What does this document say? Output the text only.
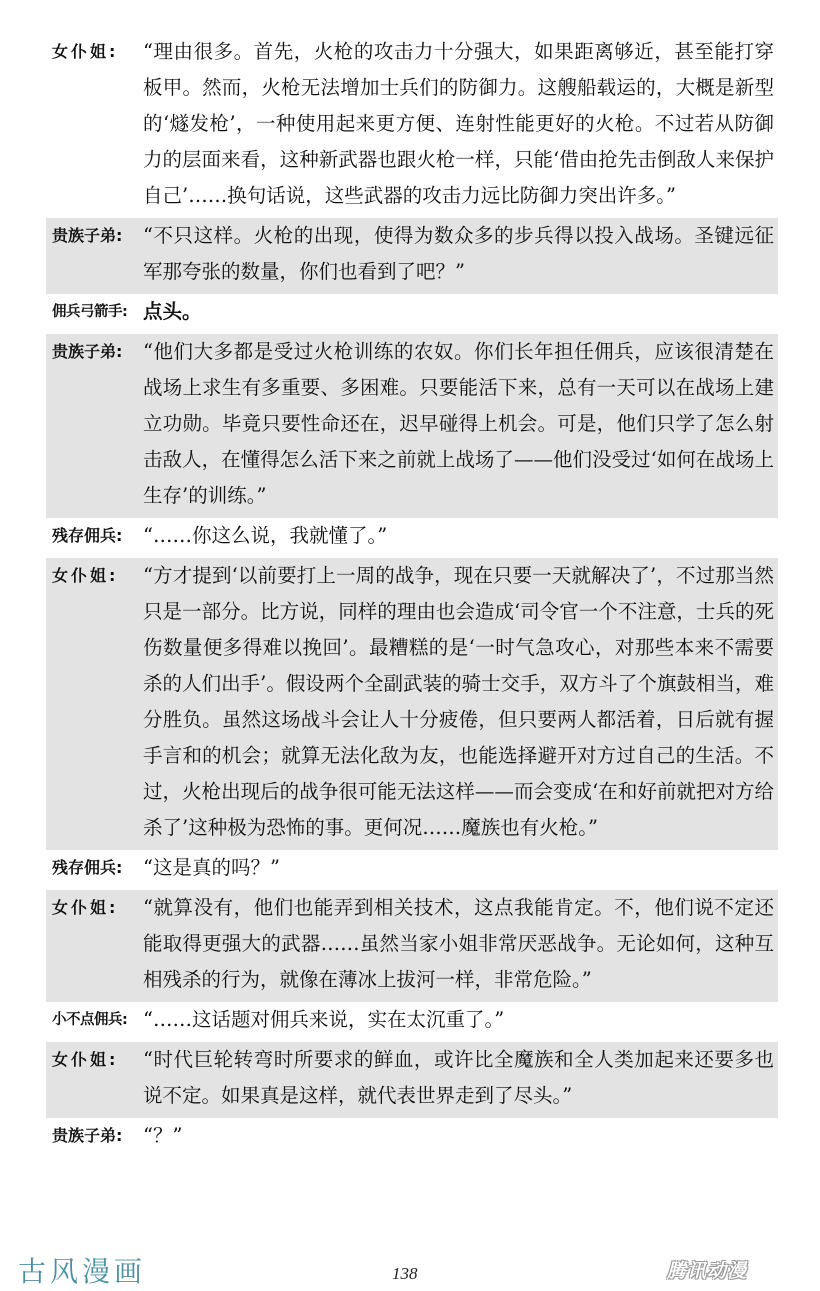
女仆姐:	“理由很多。首先，火枪的攻击力十分强大，如果距离够近，甚至能打穿板甲。然而，火枪无法增加士兵们的防御力。这艘船载运的，大概是新型的‘燧发枪’，一种使用起来更方便、连射性能更好的火枪。不过若从防御力的层面来看，这种新武器也跟火枪一样，只能‘借由抢先击倒敌人来保护自己’……换句话说，这些武器的攻击力远比防御力突出许多。”
贵族子弟:	“不只这样。火枪的出现，使得为数众多的步兵得以投入战场。圣键远征军那夸张的数量，你们也看到了吧？”
佣兵弓箭手: 点头。
贵族子弟:	“他们大多都是受过火枪训练的农奴。你们长年担任佣兵，应该很清楚在战场上求生有多重要、多困难。只要能活下来，总有一天可以在战场上建立功勋。毕竟只要性命还在，迟早碰得上机会。可是，他们只学了怎么射击敌人，在懂得怎么活下来之前就上战场了——他们没受过‘如何在战场上生存’的训练。”
残存佣兵:	“……你这么说，我就懂了。”
女仆姐:	“方才提到‘以前要打上一周的战争，现在只要一天就解决了’，不过那当然只是一部分。比方说，同样的理由也会造成‘司令官一个不注意，士兵的死伤数量便多得难以挽回’。最糟糕的是‘一时气急攻心，对那些本来不需要杀的人们出手’。假设两个全副武装的骑士交手，双方斗了个旗鼓相当，难分胜负。虽然这场战斗会让人十分疲倦，但只要两人都活着，日后就有握手言和的机会；就算无法化敌为友，也能选择避开对方过自己的生活。不过，火枪出现后的战争很可能无法这样——而会变成‘在和好前就把对方给杀了’这种极为恐怖的事。更何况……魔族也有火枪。”
残存佣兵:	“这是真的吗？”
女仆姐:	“就算没有，他们也能弄到相关技术，这点我能肯定。不，他们说不定还能取得更强大的武器……虽然当家小姐非常厌恶战争。无论如何，这种互相残杀的行为，就像在薄冰上拔河一样，非常危险。”
小不点佣兵: “……这话题对佣兵来说，实在太沉重了。”
女仆姐:	“时代巨轮转弯时所要求的鲜血，或许比全魔族和全人类加起来还要多也说不定。如果真是这样，就代表世界走到了尽头。”
贵族子弟:	“？”
古风漫画	138	腾讯动漫
